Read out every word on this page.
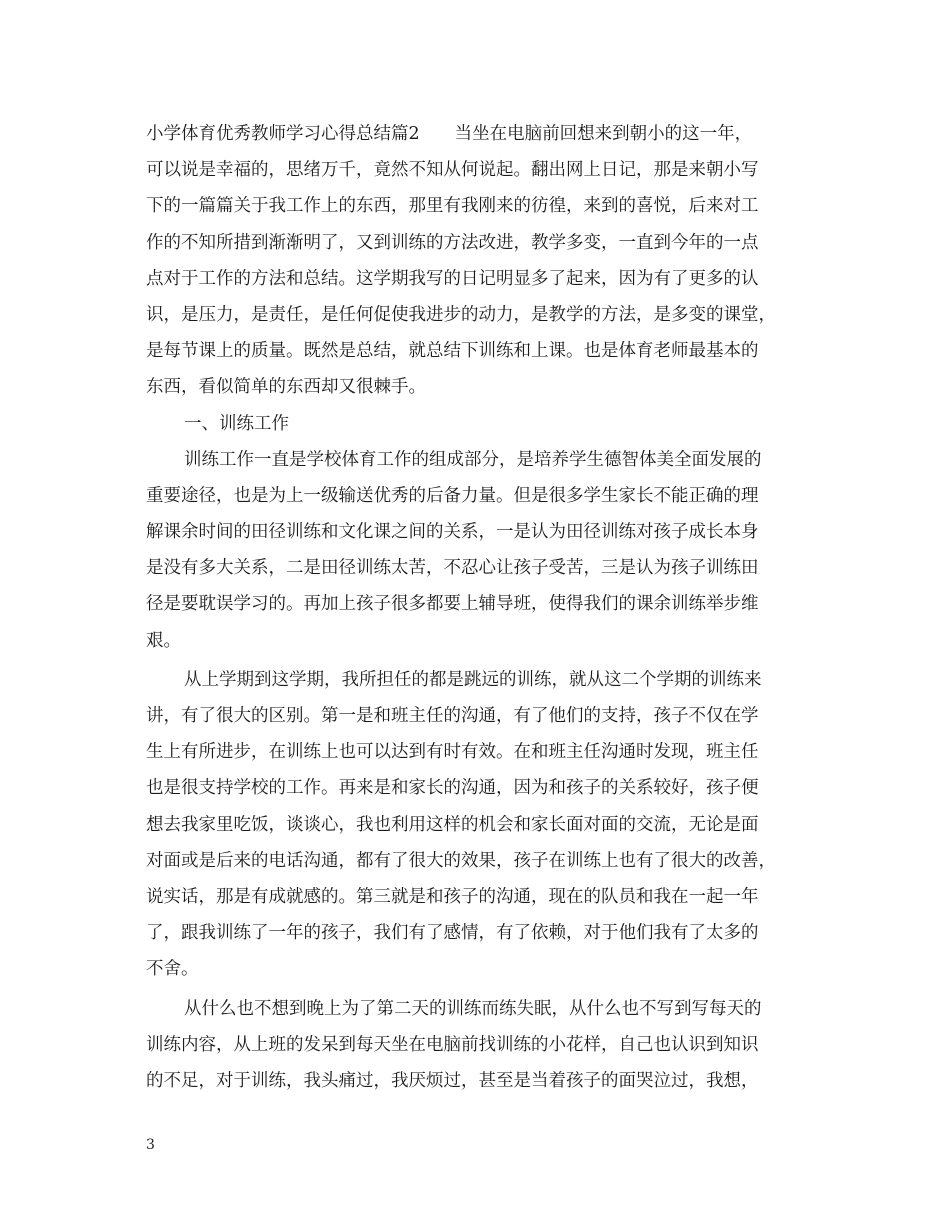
小学体育优秀教师学习心得总结篇2　　当坐在电脑前回想来到朝小的这一年，
可以说是幸福的，思绪万千，竟然不知从何说起。翻出网上日记，那是来朝小写
下的一篇篇关于我工作上的东西，那里有我刚来的彷徨，来到的喜悦，后来对工
作的不知所措到渐渐明了，又到训练的方法改进，教学多变，一直到今年的一点
点对于工作的方法和总结。这学期我写的日记明显多了起来，因为有了更多的认
识，是压力，是责任，是任何促使我进步的动力，是教学的方法，是多变的课堂，
是每节课上的质量。既然是总结，就总结下训练和上课。也是体育老师最基本的
东西，看似简单的东西却又很棘手。
一、训练工作
训练工作一直是学校体育工作的组成部分，是培养学生德智体美全面发展的
重要途径，也是为上一级输送优秀的后备力量。但是很多学生家长不能正确的理
解课余时间的田径训练和文化课之间的关系，一是认为田径训练对孩子成长本身
是没有多大关系，二是田径训练太苦，不忍心让孩子受苦，三是认为孩子训练田
径是要耽误学习的。再加上孩子很多都要上辅导班，使得我们的课余训练举步维
艰。
从上学期到这学期，我所担任的都是跳远的训练，就从这二个学期的训练来
讲，有了很大的区别。第一是和班主任的沟通，有了他们的支持，孩子不仅在学
生上有所进步，在训练上也可以达到有时有效。在和班主任沟通时发现，班主任
也是很支持学校的工作。再来是和家长的沟通，因为和孩子的关系较好，孩子便
想去我家里吃饭，谈谈心，我也利用这样的机会和家长面对面的交流，无论是面
对面或是后来的电话沟通，都有了很大的效果，孩子在训练上也有了很大的改善，
说实话，那是有成就感的。第三就是和孩子的沟通，现在的队员和我在一起一年
了，跟我训练了一年的孩子，我们有了感情，有了依赖，对于他们我有了太多的
不舍。
从什么也不想到晚上为了第二天的训练而练失眠，从什么也不写到写每天的
训练内容，从上班的发呆到每天坐在电脑前找训练的小花样，自己也认识到知识
的不足，对于训练，我头痛过，我厌烦过，甚至是当着孩子的面哭泣过，我想，
3
